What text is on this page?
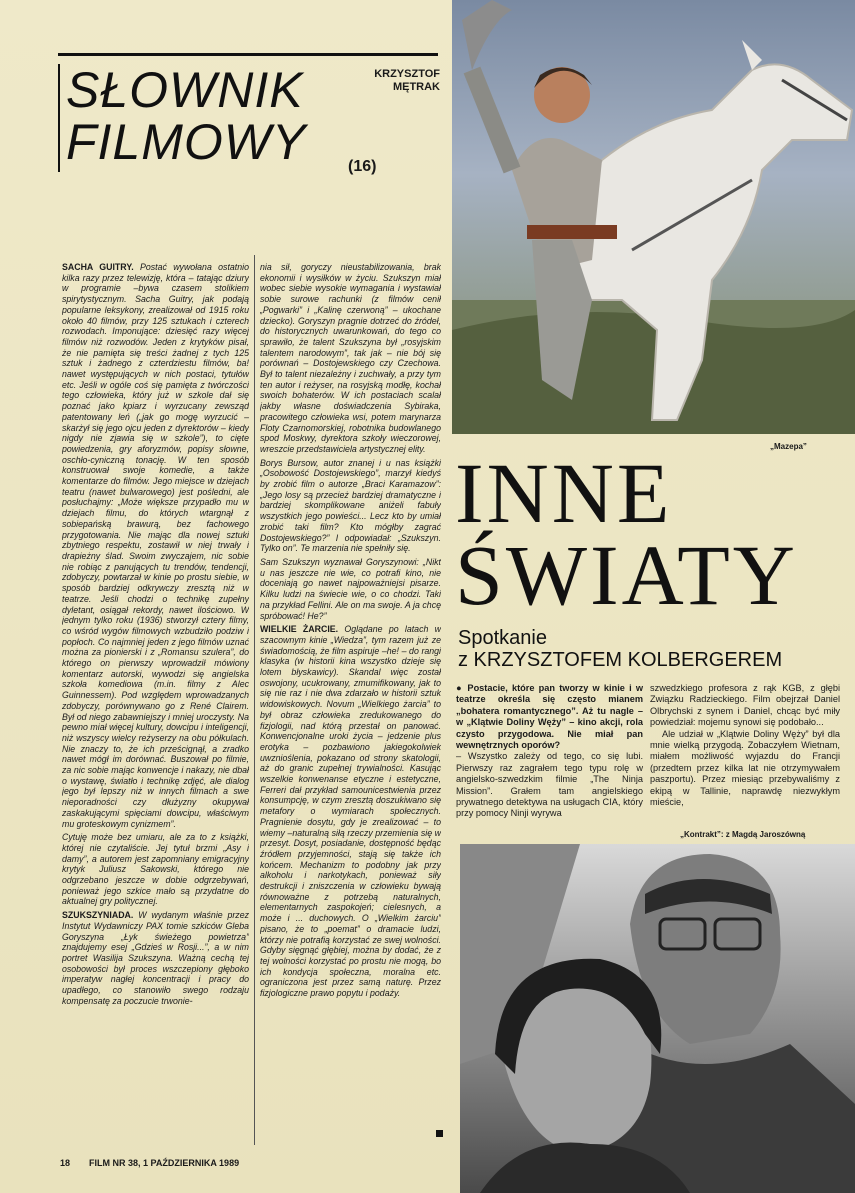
SŁOWNIK
FILMOWY
KRZYSZTOF
MĘTRAK
(16)

SACHA GUITRY. Postać wywołana ostatnio kilka razy przez telewizję, która – tatając dziury w programie –bywa czasem stolikiem spirytystycznym. Sacha Guitry, jak podają popularne leksykony, zrealizował od 1915 roku około 40 filmów, przy 125 sztukach i czterech rozwodach. Imponujące: dziesięć razy więcej filmów niż rozwodów. Jeden z krytyków pisał, że nie pamięta się treści żadnej z tych 125 sztuk i żadnego z czterdziestu filmów, ba! nawet występujących w nich postaci, tytułów etc. Jeśli w ogóle coś się pamięta z twórczości tego człowieka, który już w szkole dał się poznać jako kpiarz i wyrzucany zewsząd patentowany leń („jak go mogę wyrzucić – skarżył się jego ojcu jeden z dyrektorów – kiedy nigdy nie zjawia się w szkole”), to cięte powiedzenia, gry aforyzmów, popisy słowne, oschło-cyniczną tonację. W ten sposób konstruował swoje komedie, a także komentarze do filmów. Jego miejsce w dziejach teatru (nawet bulwarowego) jest pośledni, ale posłuchajmy: „Może większe przypadło mu w dziejach filmu, do których wtargnął z sobiepańską brawurą, bez fachowego przygotowania. Nie mając dla nowej sztuki zbytniego respektu, zostawił w niej trwały i drapieżny ślad. Swoim zwyczajem, nic sobie nie robiąc z panujących tu trendów, tendencji, zdobyczy, powtarzał w kinie po prostu siebie, w sposób bardziej odkrywczy zresztą niż w teatrze. Jeśli chodzi o technikę zupełny dyletant, osiągał rekordy, nawet ilościowo. W jednym tylko roku (1936) stworzył cztery filmy, co wśród wygów filmowych wzbudziło podziw i popłoch. Co najmniej jeden z jego filmów uznać można za pionierski i z „Romansu szulera”, do którego on pierwszy wprowadził mówiony komentarz autorski, wywodzi się angielska szkoła komediowa (m.in. filmy z Alec Guinnessem). Pod względem wprowadzanych zdobyczy, porównywano go z René Clairem. Był od niego zabawniejszy i mniej uroczysty. Na pewno miał więcej kultury, dowcipu i inteligencji, niż wszyscy wielcy reżyserzy na obu półkulach. Nie znaczy to, że ich prześcignął, a zradko nawet mógł im dorównać. Buszował po filmie, za nic sobie mając konwencje i nakazy, nie dbał o wystawę, światło i technikę zdjęć, ale dialog jego był lepszy niż w innych filmach a swe nieporadności czy dłużyzny okupywał zaskakującymi spięciami dowcipu, właściwym mu groteskowym cynizmem”.

Cytuję może bez umiaru, ale za to z książki, której nie czytaliście. Jej tytuł brzmi „Asy i damy”, a autorem jest zapomniany emigracyjny krytyk Juliusz Sakowski, którego nie odgrzebano jeszcze w dobie odgrzebywań, ponieważ jego szkice mało są przydatne do aktualnej gry politycznej.

SZUKSZYNIADA. W wydanym właśnie przez Instytut Wydawniczy PAX tomie szkiców Gleba Goryszyna „Łyk świeżego powietrza” znajdujemy esej „Gdzieś w Rosji...”, a w nim portret Wasilija Szukszyna. Ważną cechą tej osobowości był proces wszczepiony głęboko imperatyw nagłej koncentracji i pracy do upadłego, co stanowiło swego rodzaju kompensatę za poczucie trwonie-

nia sił, goryczy nieustabilizowania, brak ekonomii i wysiłków w życiu. Szukszyn miał wobec siebie wysokie wymagania i wystawiał sobie surowe rachunki (z filmów cenił „Pogwarki” i „Kalinę czerwoną” – ukochane dziecko). Goryszyn pragnie dotrzeć do źródeł, do historycznych uwarunkowań, do tego co sprawiło, że talent Szukszyna był „rosyjskim talentem narodowym”, tak jak – nie bój się porównań – Dostojewskiego czy Czechowa. Był to talent niezależny i zuchwały, a przy tym ten autor i reżyser, na rosyjską modłę, kochał swoich bohaterów. W ich postaciach scalał jakby własne doświadczenia Sybiraka, pracowitego człowieka wsi, potem marynarza Floty Czarnomorskiej, robotnika budowlanego spod Moskwy, dyrektora szkoły wieczorowej, wreszcie przedstawiciela artystycznej elity.

Borys Bursow, autor znanej i u nas książki „Osobowość Dostojewskiego”, marzył kiedyś by zrobić film o autorze „Braci Karamazow”: „Jego losy są przecież bardziej dramatyczne i bardziej skomplikowane aniżeli fabuły wszystkich jego powieści... Lecz kto by umiał zrobić taki film? Kto mógłby zagrać Dostojewskiego?” I odpowiadał: „Szukszyn. Tylko on”. Te marzenia nie spełniły się.

Sam Szukszyn wyznawał Goryszynowi: „Nikt u nas jeszcze nie wie, co potrafi kino, nie doceniają go nawet najpoważniejsi pisarze. Kilku ludzi na świecie wie, o co chodzi. Taki na przykład Fellini. Ale on ma swoje. A ja chcę spróbować! He?”

WIELKIE ŻARCIE. Oglądane po latach w szacownym kinie „Wiedza”, tym razem już ze świadomością, że film aspiruje –he! – do rangi klasyka (w historii kina wszystko dzieje się lotem błyskawicy). Skandal więc został oswojony, ucukrowany, zmumifikowany, jak to się nie raz i nie dwa zdarzało w historii sztuk widowiskowych. Novum „Wielkiego żarcia” to był obraz człowieka zredukowanego do fizjologii, nad którą przestał on panować. Konwencjonalne uroki życia – jedzenie plus erotyka – pozbawiono jakiegokolwiek uwznioślenia, pokazano od strony skatologii, aż do granic zupełnej trywialności. Kasując wszelkie konwenanse etyczne i estetyczne, Ferreri dał przykład samounicestwienia przez konsumpcję, w czym zresztą doszukiwano się metafory o wymiarach społecznych. Pragnienie dosytu, gdy je zrealizować – to wiemy –naturalną siłą rzeczy przemienia się w przesyt. Dosyt, posiadanie, dostępność będąc źródłem przyjemności, stają się także ich końcem. Mechanizm to podobny jak przy alkoholu i narkotykach, ponieważ siły destrukcji i zniszczenia w człowieku bywają równoważne z potrzebą naturalnych, elementarnych zaspokojeń; cielesnych, a może i ... duchowych. O „Wielkim żarciu” pisano, że to „poemat” o dramacie ludzi, którzy nie potrafią korzystać ze swej wolności. Gdyby sięgnąć głębiej, można by dodać, że z tej wolności korzystać po prostu nie mogą, bo ich kondycja społeczna, moralna etc. ograniczona jest przez samą naturę. Przez fizjologiczne prawo popytu i podaży.

„Mazepa”
INNE
ŚWIATY
Spotkanie
z KRZYSZTOFEM KOLBERGEREM

● Postacie, które pan tworzy w kinie i w teatrze określa się często mianem „bohatera romantycznego”. Aż tu nagle – w „Klątwie Doliny Węży” – kino akcji, rola czysto przygodowa. Nie miał pan wewnętrznych oporów?

– Wszystko zależy od tego, co się lubi. Pierwszy raz zagrałem tego typu rolę w angielsko-szwedzkim filmie „The Ninja Mission”. Grałem tam angielskiego prywatnego detektywa na usługach CIA, który przy pomocy Ninji wyrywa

szwedzkiego profesora z rąk KGB, z głębi Związku Radzieckiego. Film obejrzał Daniel Olbrychski z synem i Daniel, chcąc być miły powiedział: mojemu synowi się podobało...

Ale udział w „Klątwie Doliny Węży” był dla mnie wielką przygodą. Zobaczyłem Wietnam, miałem możliwość wyjazdu do Francji (przedtem przez kilka lat nie otrzymywałem paszportu). Przez miesiąc przebywaliśmy z ekipą w Tallinie, naprawdę niezwykłym mieście,

„Kontrakt”: z Magdą Jaroszówną
18 FILM NR 38, 1 PAŹDZIERNIKA 1989
